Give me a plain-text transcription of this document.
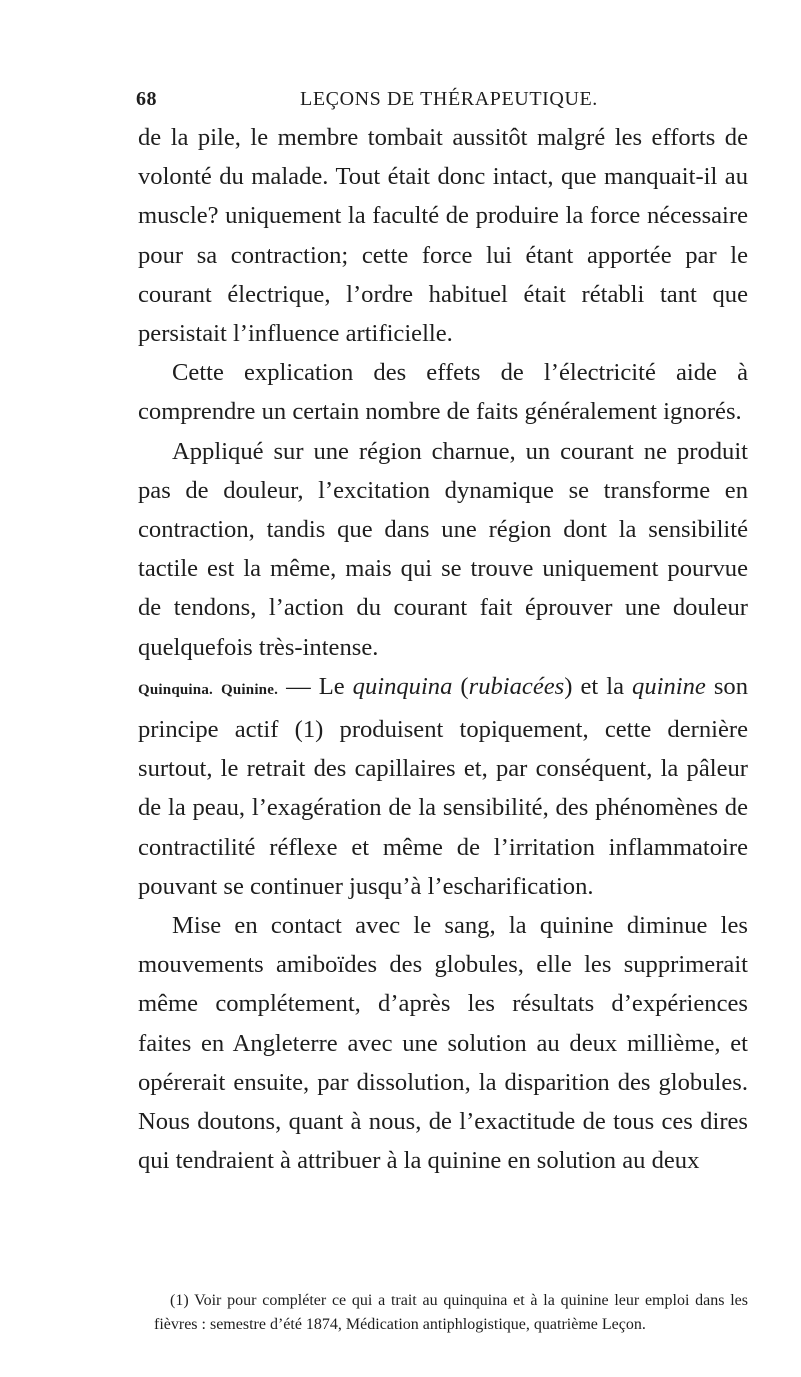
68	LEÇONS DE THÉRAPEUTIQUE.

de la pile, le membre tombait aussitôt malgré les efforts de volonté du malade. Tout était donc intact, que manquait-il au muscle? uniquement la faculté de produire la force nécessaire pour sa contraction; cette force lui étant apportée par le courant électrique, l’ordre habituel était rétabli tant que persistait l’influence artificielle.

Cette explication des effets de l’électricité aide à comprendre un certain nombre de faits généralement ignorés.

Appliqué sur une région charnue, un courant ne produit pas de douleur, l’excitation dynamique se transforme en contraction, tandis que dans une région dont la sensibilité tactile est la même, mais qui se trouve uniquement pourvue de tendons, l’action du courant fait éprouver une douleur quelquefois très-intense.

Quinquina. Quinine. — Le quinquina (rubiacées) et la quinine son principe actif (1) produisent topiquement, cette dernière surtout, le retrait des capillaires et, par conséquent, la pâleur de la peau, l’exagération de la sensibilité, des phénomènes de contractilité réflexe et même de l’irritation inflammatoire pouvant se continuer jusqu’à l’escharification.

Mise en contact avec le sang, la quinine diminue les mouvements amiboïdes des globules, elle les supprimerait même complétement, d’après les résultats d’expériences faites en Angleterre avec une solution au deux millième, et opérerait ensuite, par dissolution, la disparition des globules. Nous doutons, quant à nous, de l’exactitude de tous ces dires qui tendraient à attribuer à la quinine en solution au deux

(1) Voir pour compléter ce qui a trait au quinquina et à la quinine leur emploi dans les fièvres : semestre d’été 1874, Médication antiphlogistique, quatrième Leçon.
